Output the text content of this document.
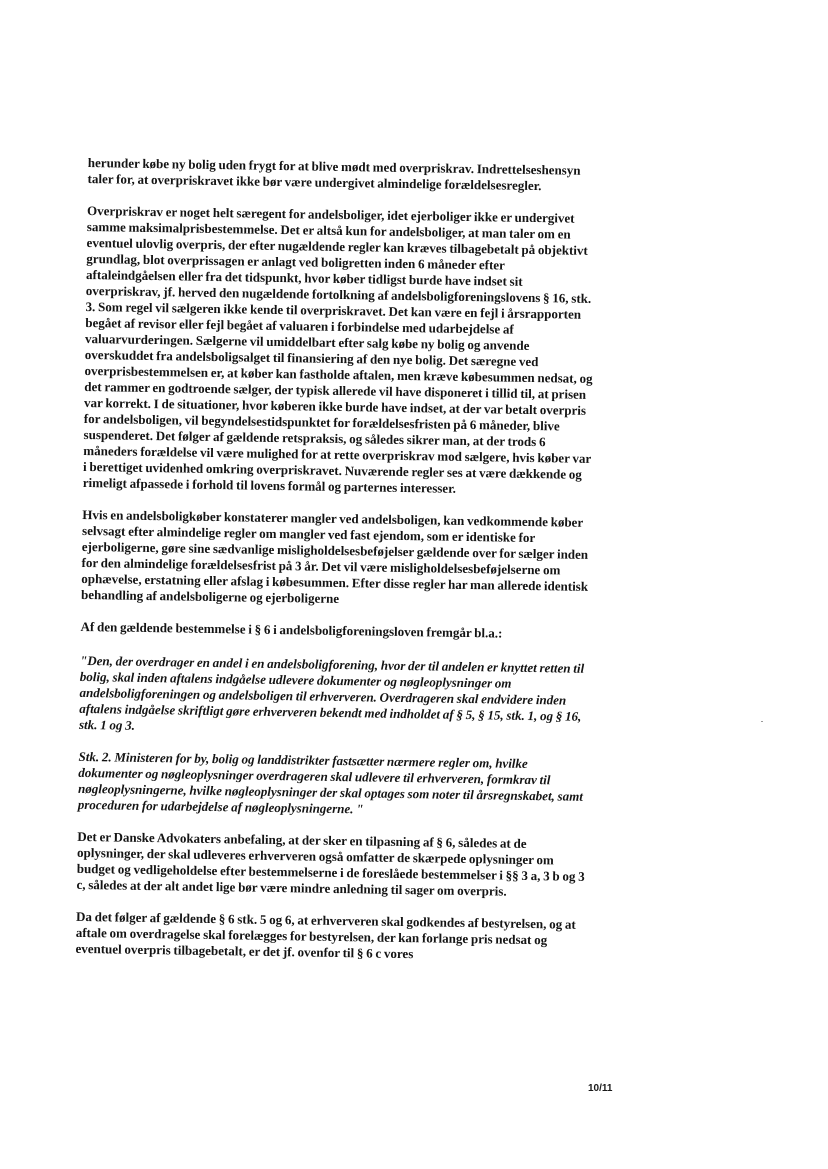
herunder købe ny bolig uden frygt for at blive mødt med overpriskrav. Indrettelseshensyn taler for, at overpriskravet ikke bør være undergivet almindelige forældelsesregler.

Overpriskrav er noget helt særegent for andelsboliger, idet ejerboliger ikke er undergivet samme maksimalprisbestemmelse. Det er altså kun for andelsboliger, at man taler om en eventuel ulovlig overpris, der efter nugældende regler kan kræves tilbagebetalt på objektivt grundlag, blot overprissagen er anlagt ved boligretten inden 6 måneder efter aftaleindgåelsen eller fra det tidspunkt, hvor køber tidligst burde have indset sit overpriskrav, jf. herved den nugældende fortolkning af andelsboligforeningslovens § 16, stk. 3. Som regel vil sælgeren ikke kende til overpriskravet. Det kan være en fejl i årsrapporten begået af revisor eller fejl begået af valuaren i forbindelse med udarbejdelse af valuarvurderingen. Sælgerne vil umiddelbart efter salg købe ny bolig og anvende overskuddet fra andelsboligsalget til finansiering af den nye bolig. Det særegne ved overprisbestemmelsen er, at køber kan fastholde aftalen, men kræve købesummen nedsat, og det rammer en godtroende sælger, der typisk allerede vil have disponeret i tillid til, at prisen var korrekt. I de situationer, hvor køberen ikke burde have indset, at der var betalt overpris for andelsboligen, vil begyndelsestidspunktet for forældelsesfristen på 6 måneder, blive suspenderet. Det følger af gældende retspraksis, og således sikrer man, at der trods 6 måneders forældelse vil være mulighed for at rette overpriskrav mod sælgere, hvis køber var i berettiget uvidenhed omkring overpriskravet. Nuværende regler ses at være dækkende og rimeligt afpassede i forhold til lovens formål og parternes interesser.

Hvis en andelsboligkøber konstaterer mangler ved andelsboligen, kan vedkommende køber selvsagt efter almindelige regler om mangler ved fast ejendom, som er identiske for ejerboligerne, gøre sine sædvanlige misligholdelsesbeføjelser gældende over for sælger inden for den almindelige forældelsesfrist på 3 år. Det vil være misligholdelsesbeføjelserne om ophævelse, erstatning eller afslag i købesummen. Efter disse regler har man allerede identisk behandling af andelsboligerne og ejerboligerne

Af den gældende bestemmelse i § 6 i andelsboligforeningsloven fremgår bl.a.:

"Den, der overdrager en andel i en andelsboligforening, hvor der til andelen er knyttet retten til bolig, skal inden aftalens indgåelse udlevere dokumenter og nøgleoplysninger om andelsboligforeningen og andelsboligen til erhververen. Overdrageren skal endvidere inden aftalens indgåelse skriftligt gøre erhververen bekendt med indholdet af § 5, § 15, stk. 1, og § 16, stk. 1 og 3.

Stk. 2. Ministeren for by, bolig og landdistrikter fastsætter nærmere regler om, hvilke dokumenter og nøgleoplysninger overdrageren skal udlevere til erhververen, formkrav til nøgleoplysningerne, hvilke nøgleoplysninger der skal optages som noter til årsregnskabet, samt proceduren for udarbejdelse af nøgleoplysningerne. "

Det er Danske Advokaters anbefaling, at der sker en tilpasning af § 6, således at de oplysninger, der skal udleveres erhververen også omfatter de skærpede oplysninger om budget og vedligeholdelse efter bestemmelserne i de foreslåede bestemmelser i §§ 3 a, 3 b og 3 c, således at der alt andet lige bør være mindre anledning til sager om overpris.

Da det følger af gældende § 6 stk. 5 og 6, at erhververen skal godkendes af bestyrelsen, og at aftale om overdragelse skal forelægges for bestyrelsen, der kan forlange pris nedsat og eventuel overpris tilbagebetalt, er det jf. ovenfor til § 6 c vores

10/11
